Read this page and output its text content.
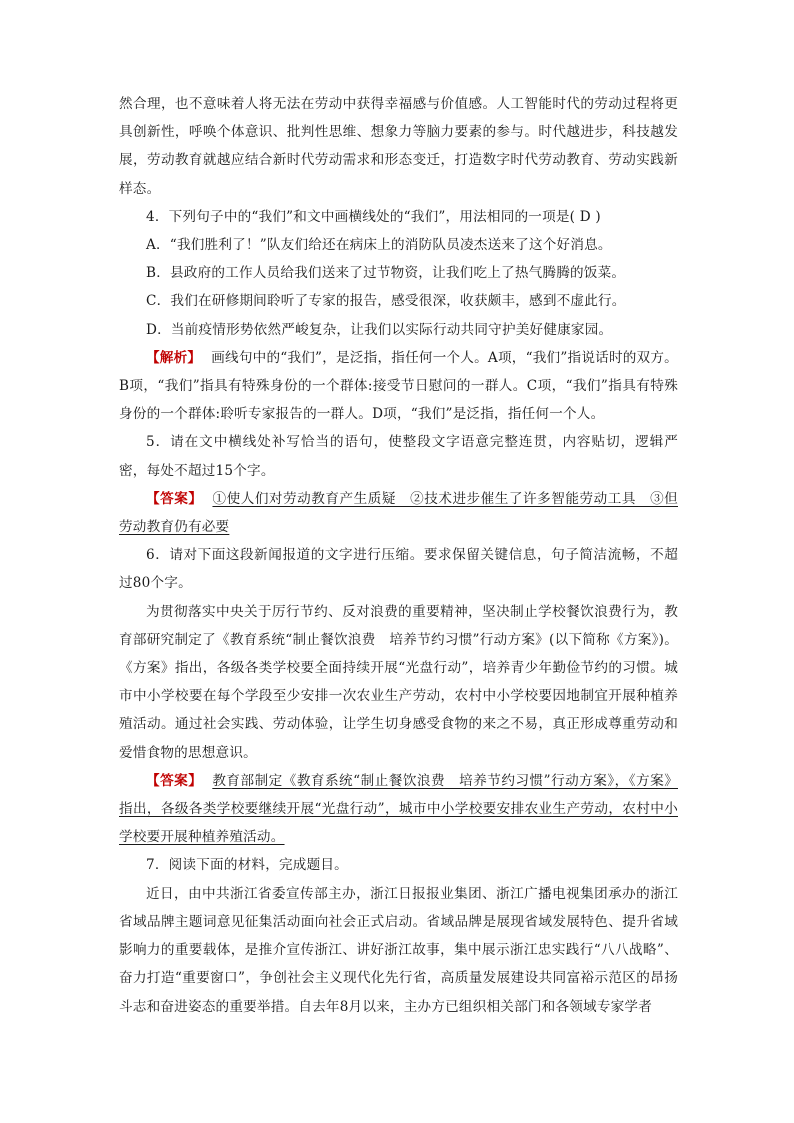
然合理，也不意味着人将无法在劳动中获得幸福感与价值感。人工智能时代的劳动过程将更具创新性，呼唤个体意识、批判性思维、想象力等脑力要素的参与。时代越进步，科技越发展，劳动教育就越应结合新时代劳动需求和形态变迁，打造数字时代劳动教育、劳动实践新样态。

4．下列句子中的“我们”和文中画横线处的“我们”，用法相同的一项是( D )

A．“我们胜利了！”队友们给还在病床上的消防队员凌杰送来了这个好消息。

B．县政府的工作人员给我们送来了过节物资，让我们吃上了热气腾腾的饭菜。

C．我们在研修期间聆听了专家的报告，感受很深，收获颇丰，感到不虚此行。

D．当前疫情形势依然严峻复杂，让我们以实际行动共同守护美好健康家园。

【解析】 画线句中的“我们”，是泛指，指任何一个人。A项，“我们”指说话时的双方。B项，“我们”指具有特殊身份的一个群体:接受节日慰问的一群人。C项，“我们”指具有特殊身份的一个群体:聆听专家报告的一群人。D项，“我们”是泛指，指任何一个人。

5．请在文中横线处补写恰当的语句，使整段文字语意完整连贯，内容贴切，逻辑严密，每处不超过15个字。

【答案】 ①使人们对劳动教育产生质疑　②技术进步催生了许多智能劳动工具　③但劳动教育仍有必要

6．请对下面这段新闻报道的文字进行压缩。要求保留关键信息，句子简洁流畅，不超过80个字。

为贯彻落实中央关于厉行节约、反对浪费的重要精神，坚决制止学校餐饮浪费行为，教育部研究制定了《教育系统“制止餐饮浪费　培养节约习惯”行动方案》(以下简称《方案》)。《方案》指出，各级各类学校要全面持续开展“光盘行动”，培养青少年勤俭节约的习惯。城市中小学校要在每个学段至少安排一次农业生产劳动，农村中小学校要因地制宜开展种植养殖活动。通过社会实践、劳动体验，让学生切身感受食物的来之不易，真正形成尊重劳动和爱惜食物的思想意识。

【答案】 教育部制定《教育系统“制止餐饮浪费　培养节约习惯”行动方案》，《方案》指出，各级各类学校要继续开展“光盘行动”，城市中小学校要安排农业生产劳动，农村中小学校要开展种植养殖活动。

7．阅读下面的材料，完成题目。

近日，由中共浙江省委宣传部主办，浙江日报报业集团、浙江广播电视集团承办的浙江省域品牌主题词意见征集活动面向社会正式启动。省域品牌是展现省域发展特色、提升省域影响力的重要载体，是推介宣传浙江、讲好浙江故事，集中展示浙江忠实践行“八八战略”、奋力打造“重要窗口”，争创社会主义现代化先行省，高质量发展建设共同富裕示范区的昂扬斗志和奋进姿态的重要举措。自去年8月以来，主办方已组织相关部门和各领域专家学者
